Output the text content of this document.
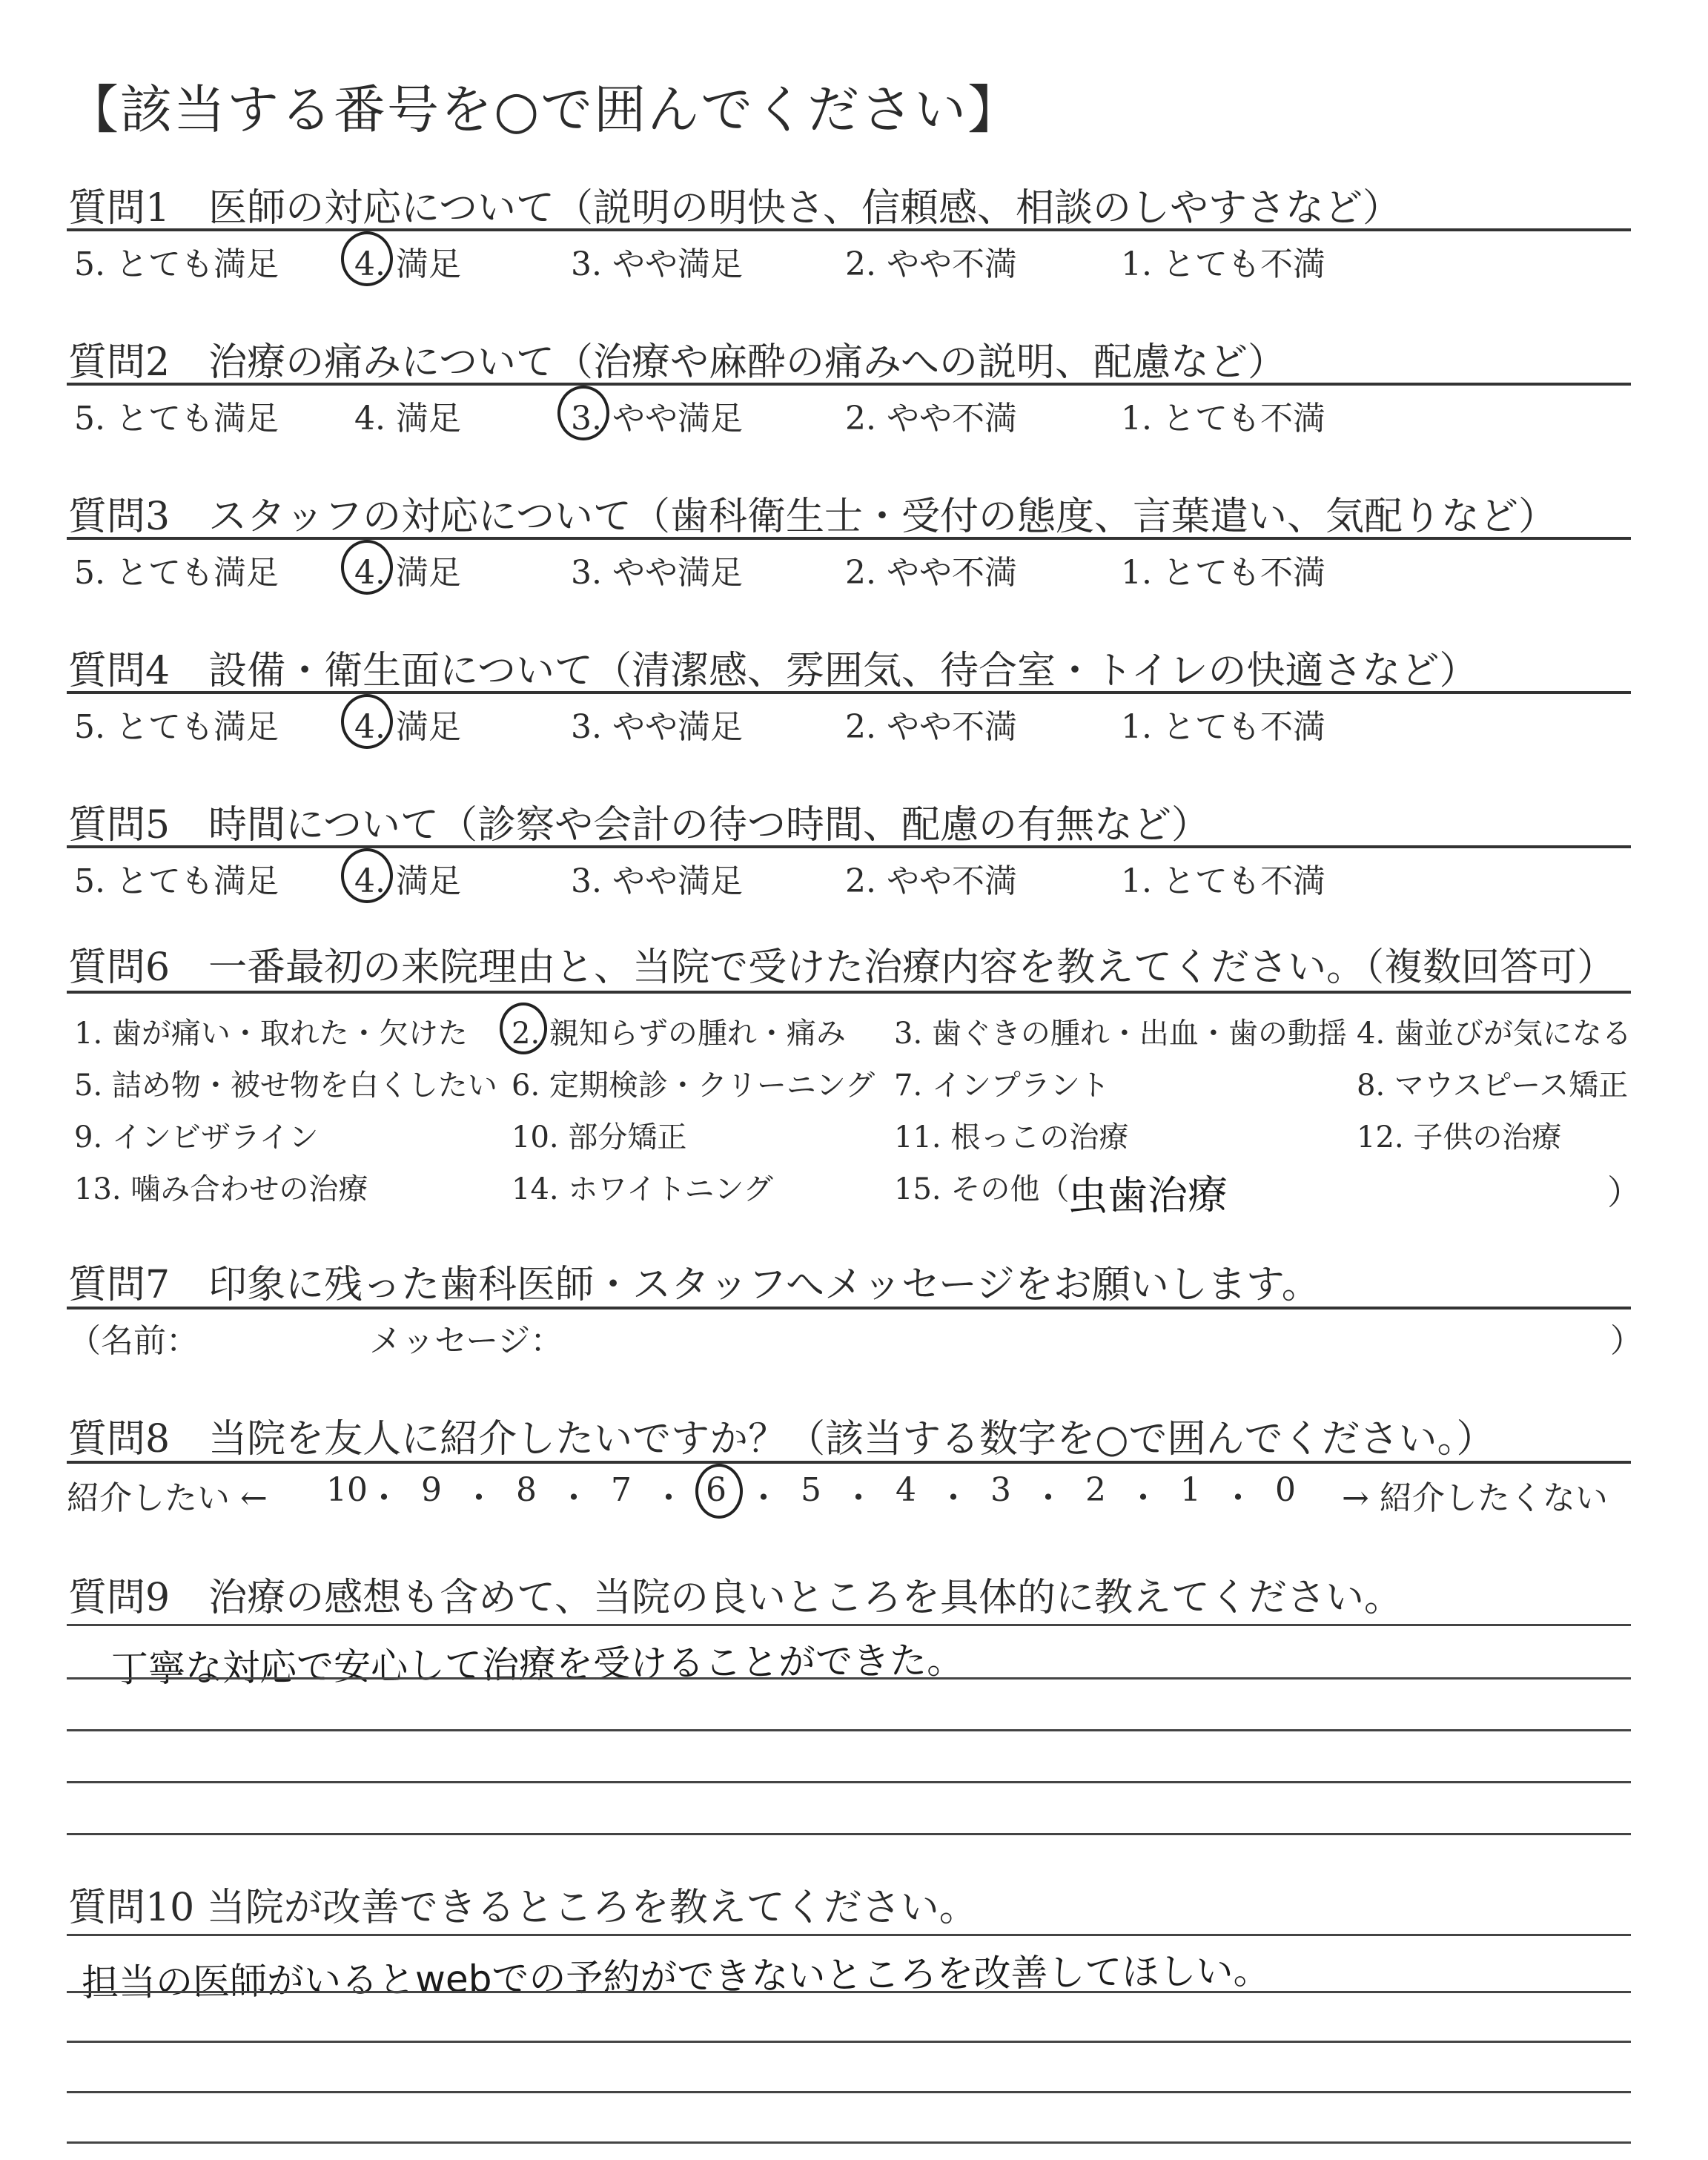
【該当する番号を○で囲んでください】
質問1　医師の対応について（説明の明快さ、信頼感、相談のしやすさなど）
5. とても満足 4. 満足	3. やや満足	2. やや不満	1. とても不満
質問2　治療の痛みについて（治療や麻酔の痛みへの説明、配慮など）
5. とても満足 4. 満足	3. やや満足	2. やや不満	1. とても不満
質問3　スタッフの対応について（歯科衛生士・受付の態度、言葉遣い、気配りなど）
5. とても満足 4. 満足	3. やや満足	2. やや不満	1. とても不満
質問4　設備・衛生面について（清潔感、雰囲気、待合室・トイレの快適さなど）
5. とても満足 4. 満足	3. やや満足	2. やや不満	1. とても不満
質問5　時間について（診察や会計の待つ時間、配慮の有無など）
5. とても満足 4. 満足	3. やや満足	2. やや不満	1. とても不満
質問6　一番最初の来院理由と、当院で受けた治療内容を教えてください。（複数回答可）
1. 歯が痛い・取れた・欠けた 2. 親知らずの腫れ・痛み 3. 歯ぐきの腫れ・出血・歯の動揺 4. 歯並びが気になる
5. 詰め物・被せ物を白くしたい 6. 定期検診・クリーニング 7. インプラント	8. マウスピース矯正
9. インビザライン	10. 部分矯正	11. 根っこの治療	12. 子供の治療
13. 噛み合わせの治療	14. ホワイトニング	15. その他（
虫歯治療	）
質問7　印象に残った歯科医師・スタッフへメッセージをお願いします。
（名前：	メッセージ：	）
質問8　当院を友人に紹介したいですか？（該当する数字を○で囲んでください。）
紹介したい ← 10 ・ 9 ・ 8 ・ 7 ・ 6 ・ 5 ・ 4 ・ 3 ・ 2 ・ 1 ・ 0 → 紹介したくない
質問9　治療の感想も含めて、当院の良いところを具体的に教えてください。
丁寧な対応で安心して治療を受けることができた。
質問10 当院が改善できるところを教えてください。
担当の医師がいるとwebでの予約ができないところを改善してほしい。
